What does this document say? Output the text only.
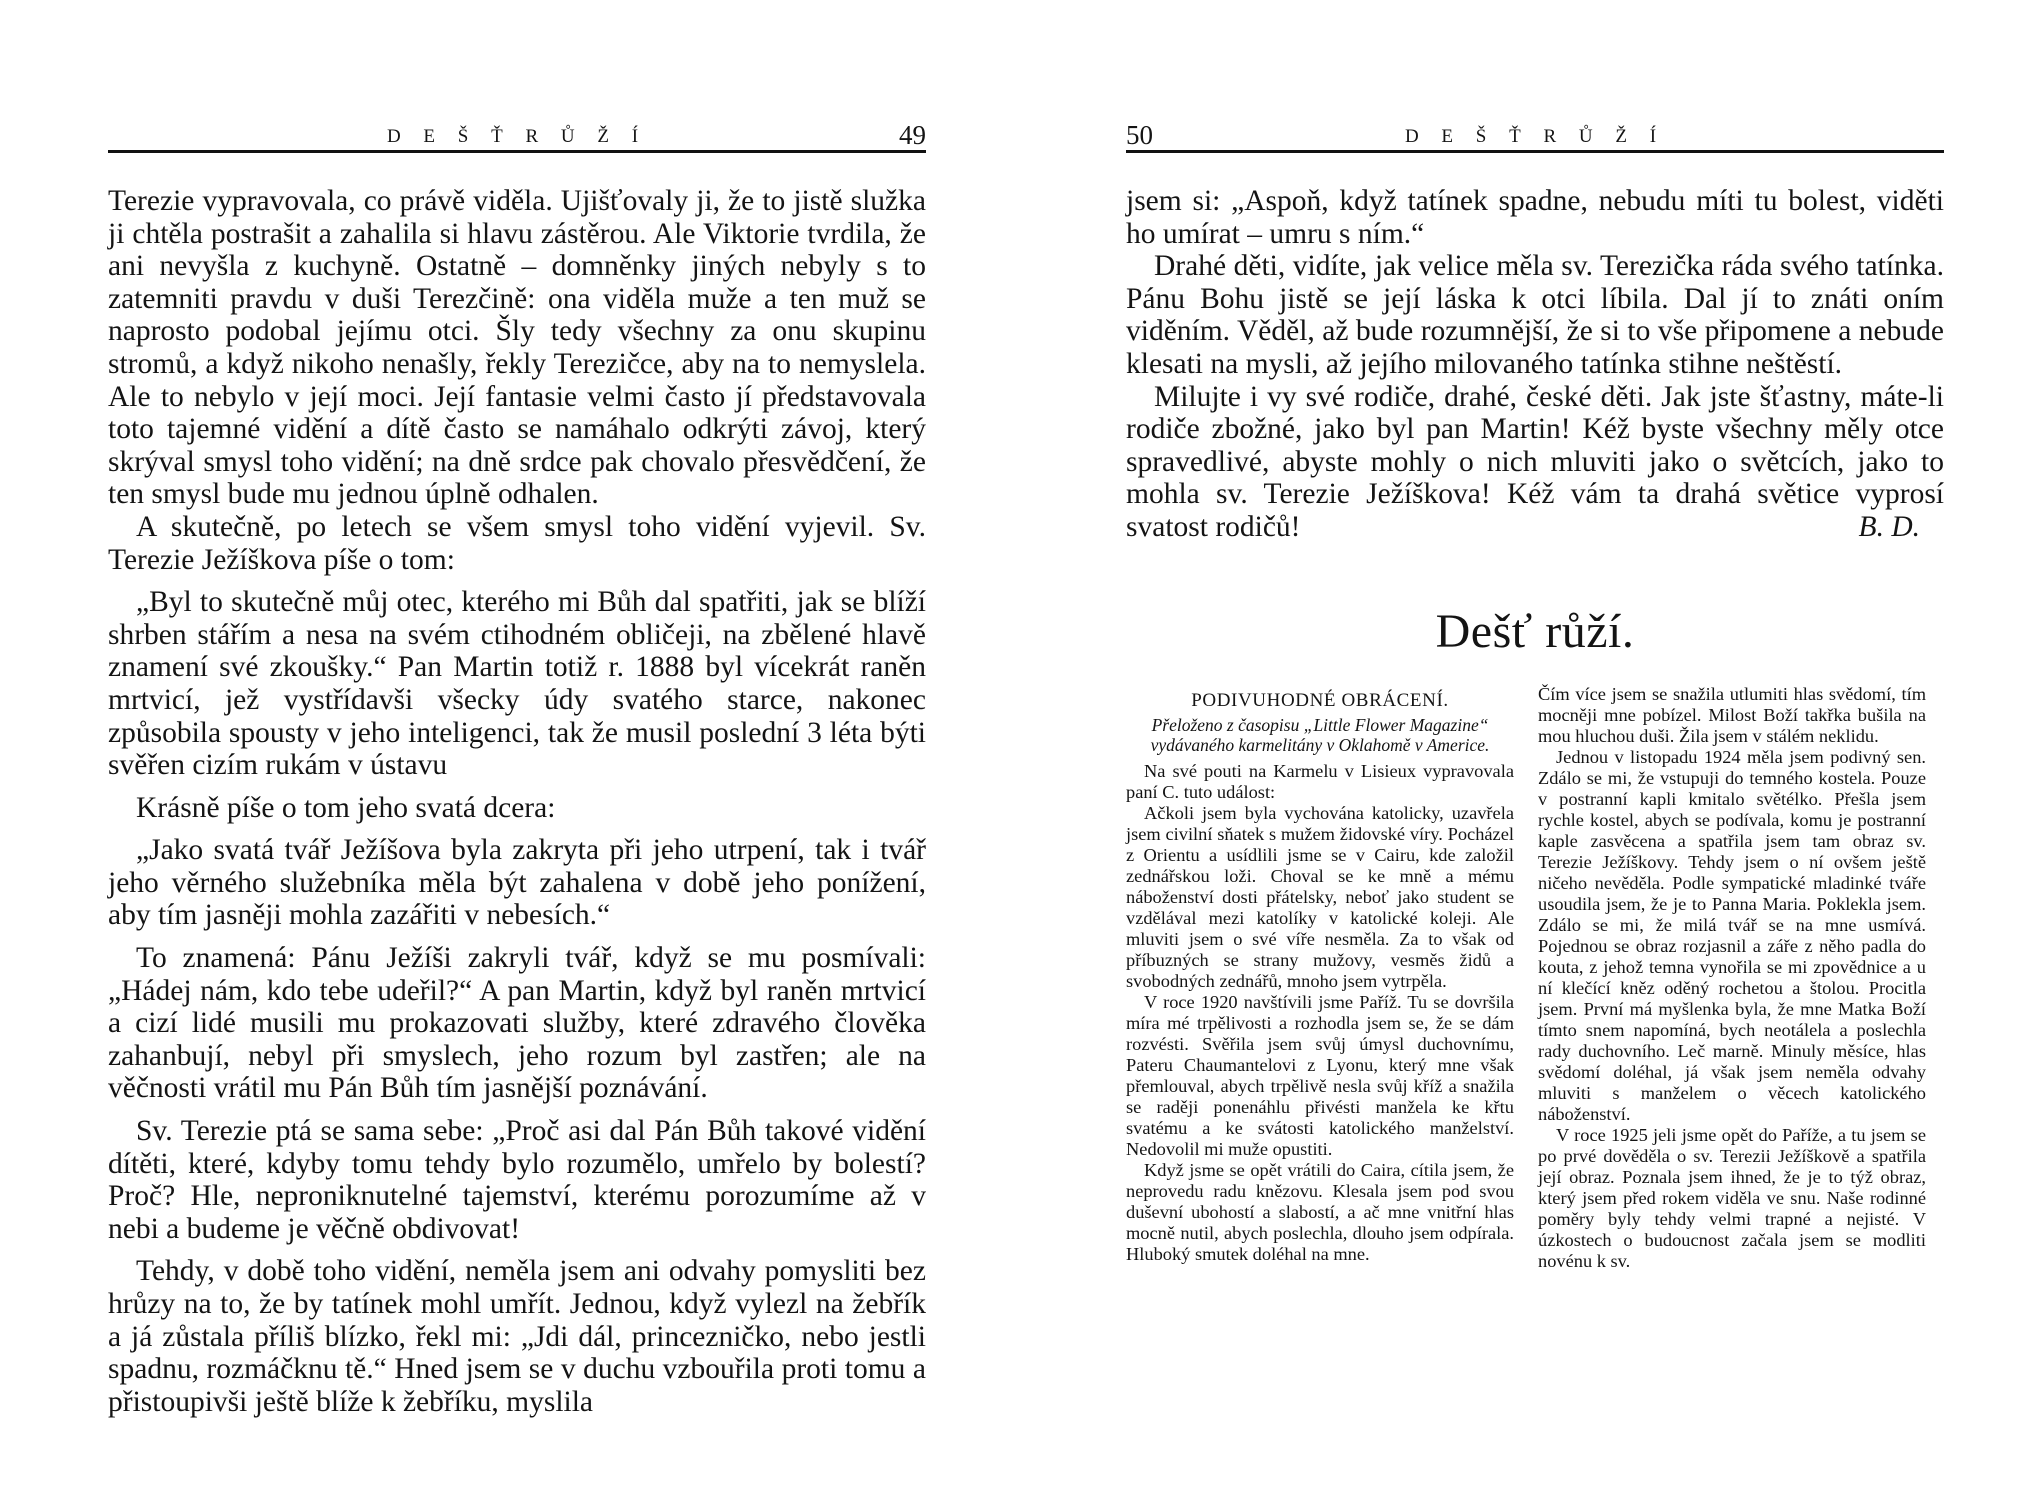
D E Š Ť R Ů Ž Í	49

Terezie vypravovala, co právě viděla. Ujišťovaly ji, že to jistě služka ji chtěla postrašit a zahalila si hlavu zástěrou. Ale Viktorie tvrdila, že ani nevyšla z kuchyně. Ostatně – domněnky jiných nebyly s to zatemniti pravdu v duši Terezčině: ona viděla muže a ten muž se naprosto podobal jejímu otci. Šly tedy všechny za onu skupinu stromů, a když nikoho nenašly, řekly Terezičce, aby na to nemyslela. Ale to nebylo v její moci. Její fantasie velmi často jí představovala toto tajemné vidění a dítě často se namáhalo odkrýti závoj, který skrýval smysl toho vidění; na dně srdce pak chovalo přesvědčení, že ten smysl bude mu jednou úplně odhalen.

A skutečně, po letech se všem smysl toho vidění vyjevil. Sv. Terezie Ježíškova píše o tom:

„Byl to skutečně můj otec, kterého mi Bůh dal spatřiti, jak se blíží shrben stářím a nesa na svém ctihodném obličeji, na zbělené hlavě znamení své zkoušky.“ Pan Martin totiž r. 1888 byl vícekrát raněn mrtvicí, jež vystřídavši všecky údy svatého starce, nakonec způsobila spousty v jeho inteligenci, tak že musil poslední 3 léta býti svěřen cizím rukám v ústavu

Krásně píše o tom jeho svatá dcera:

„Jako svatá tvář Ježíšova byla zakryta při jeho utrpení, tak i tvář jeho věrného služebníka měla být zahalena v době jeho ponížení, aby tím jasněji mohla zazářiti v nebesích.“

To znamená: Pánu Ježíši zakryli tvář, když se mu posmívali: „Hádej nám, kdo tebe udeřil?“ A pan Martin, když byl raněn mrtvicí a cizí lidé musili mu prokazovati služby, které zdravého člověka zahanbují, nebyl při smyslech, jeho rozum byl zastřen; ale na věčnosti vrátil mu Pán Bůh tím jasnější poznávání.

Sv. Terezie ptá se sama sebe: „Proč asi dal Pán Bůh takové vidění dítěti, které, kdyby tomu tehdy bylo rozumělo, umřelo by bolestí? Proč? Hle, neproniknutelné tajemství, kterému porozumíme až v nebi a budeme je věčně obdivovat!

Tehdy, v době toho vidění, neměla jsem ani odvahy pomysliti bez hrůzy na to, že by tatínek mohl umřít. Jednou, když vylezl na žebřík a já zůstala příliš blízko, řekl mi: „Jdi dál, princezničko, nebo jestli spadnu, rozmáčknu tě.“ Hned jsem se v duchu vzbouřila proti tomu a přistoupivši ještě blíže k žebříku, myslila

50	D E Š Ť R Ů Ž Í

jsem si: „Aspoň, když tatínek spadne, nebudu míti tu bolest, viděti ho umírat – umru s ním.“

Drahé děti, vidíte, jak velice měla sv. Terezička ráda svého tatínka. Pánu Bohu jistě se její láska k otci líbila. Dal jí to znáti oním viděním. Věděl, až bude rozumnější, že si to vše připomene a nebude klesati na mysli, až jejího milovaného tatínka stihne neštěstí.

Milujte i vy své rodiče, drahé, české děti. Jak jste šťastny, máte-li rodiče zbožné, jako byl pan Martin! Kéž byste všechny měly otce spravedlivé, abyste mohly o nich mluviti jako o světcích, jako to mohla sv. Terezie Ježíškova! Kéž vám ta drahá světice vyprosí svatost rodičů!	B. D.

Dešť růží.
PODIVUHODNÉ OBRÁCENÍ.
Přeloženo z časopisu „Little Flower Magazine“ vydávaného karmelitány v Oklahomě v Americe.

Na své pouti na Karmelu v Lisieux vypravovala paní C. tuto událost:

Ačkoli jsem byla vychována katolicky, uzavřela jsem civilní sňatek s mužem židovské víry. Pocházel z Orientu a usídlili jsme se v Cairu, kde založil zednářskou loži. Choval se ke mně a mému náboženství dosti přátelsky, neboť jako student se vzdělával mezi katolíky v katolické koleji. Ale mluviti jsem o své víře nesměla. Za to však od příbuzných se strany mužovy, vesměs židů a svobodných zednářů, mnoho jsem vytrpěla.

V roce 1920 navštívili jsme Paříž. Tu se dovršila míra mé trpělivosti a rozhodla jsem se, že se dám rozvésti. Svěřila jsem svůj úmysl duchovnímu, Pateru Chaumantelovi z Lyonu, který mne však přemlouval, abych trpělivě nesla svůj kříž a snažila se raději ponenáhlu přivésti manžela ke křtu svatému a ke svátosti katolického manželství. Nedovolil mi muže opustiti.

Když jsme se opět vrátili do Caira, cítila jsem, že neprovedu radu knězovu. Klesala jsem pod svou duševní ubohostí a slabostí, a ač mne vnitřní hlas mocně nutil, abych poslechla, dlouho jsem odpírala. Hluboký smutek doléhal na mne.

Čím více jsem se snažila utlumiti hlas svědomí, tím mocněji mne pobízel. Milost Boží takřka bušila na mou hluchou duši. Žila jsem v stálém neklidu.

Jednou v listopadu 1924 měla jsem podivný sen. Zdálo se mi, že vstupuji do temného kostela. Pouze v postranní kapli kmitalo světélko. Přešla jsem rychle kostel, abych se podívala, komu je postranní kaple zasvěcena a spatřila jsem tam obraz sv. Terezie Ježíškovy. Tehdy jsem o ní ovšem ještě ničeho nevěděla. Podle sympatické mladinké tváře usoudila jsem, že je to Panna Maria. Poklekla jsem. Zdálo se mi, že milá tvář se na mne usmívá. Pojednou se obraz rozjasnil a záře z něho padla do kouta, z jehož temna vynořila se mi zpovědnice a u ní klečící kněz oděný rochetou a štolou. Procitla jsem. První má myšlenka byla, že mne Matka Boží tímto snem napomíná, bych neotálela a poslechla rady duchovního. Leč marně. Minuly měsíce, hlas svědomí doléhal, já však jsem neměla odvahy mluviti s manželem o věcech katolického náboženství.

V roce 1925 jeli jsme opět do Paříže, a tu jsem se po prvé dověděla o sv. Terezii Ježíškově a spatřila její obraz. Poznala jsem ihned, že je to týž obraz, který jsem před rokem viděla ve snu. Naše rodinné poměry byly tehdy velmi trapné a nejisté. V úzkostech o budoucnost začala jsem se modliti novénu k sv.
